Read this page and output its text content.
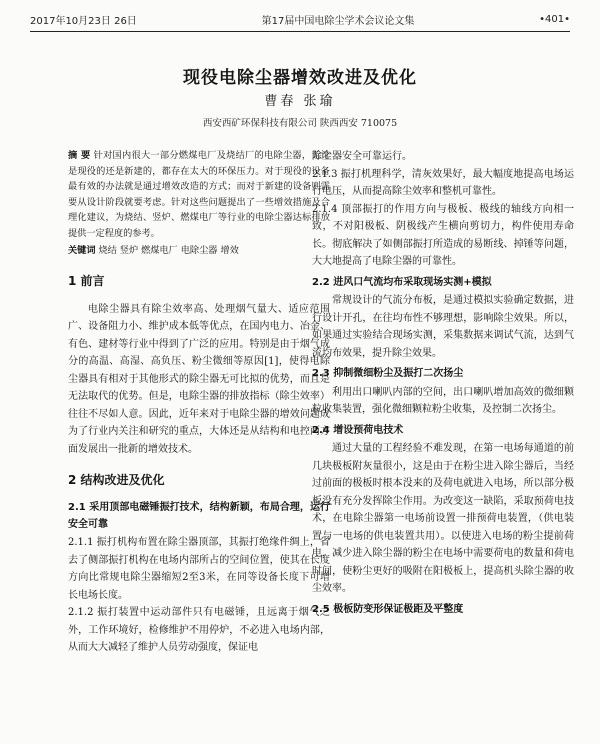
2017年10月23日 26日	第17届中国电除尘学术会议论文集	•401•
现役电除尘器增效改进及优化
曹春 张瑜
西安西矿环保科技有限公司 陕西西安 710075

摘 要 针对国内很大一部分燃煤电厂及烧结厂的电除尘器，无论是现役的还是新建的，都存在太大的环保压力。对于现役的设备最有效的办法就是通过增效改造的方式；而对于新建的设备则需要从设计阶段就要考虑。针对这些问题提出了一些增效措施及合理化建议，为烧结、竖炉、燃煤电厂等行业的电除尘器达标排放提供一定程度的参考。

关键词 烧结 竖炉 燃煤电厂 电除尘器 增效

1 前言

电除尘器具有除尘效率高、处理烟气量大、适应范围广、设备阻力小、维护成本低等优点，在国内电力、冶金、有色、建材等行业中得到了广泛的应用。特别是由于烟气成分的高温、高湿、高负压、粉尘微细等原因[1]，使得电除尘器具有相对于其他形式的除尘器无可比拟的优势，而且是无法取代的优势。但是，电除尘器的排放指标（除尘效率）往往不尽如人意。因此，近年来对于电除尘器的增效问题成为了行业内关注和研究的重点，大体还是从结构和电控两方面发展出一批新的增效技术。

2 结构改进及优化
2.1 采用顶部电磁锤振打技术，结构新颖，布局合理，运行安全可靠

2.1.1 振打机构布置在除尘器顶部，其振打绝缘件绸上，省去了侧部振打机构在电场内部所占的空间位置，使其在长度方向比常规电除尘器缩短2至3米，在同等设备长度下可增长电场长度。

2.1.2 振打装置中运动部件只有电磁锤，且远离于烟气之外，工作环境好，检修维护不用停炉，不必进入电场内部，从而大大减轻了维护人员劳动强度，保证电

除尘器安全可靠运行。

2.1.3 振打机理科学，清灰效果好，最大幅度地提高电场运行电压，从而提高除尘效率和整机可靠性。

2.1.4 顶部振打的作用方向与极板、极线的轴线方向相一致，不对阳极板、阴极线产生横向剪切力，构件使用寿命长。彻底解决了如侧部振打所造成的易断线、掉锤等问题，大大地提高了电除尘器的可靠性。

2.2 进风口气流均布采取现场实测+模拟

常规设计的气流分布板，是通过模拟实验确定数据，进行设计开孔，在往均布性不够理想，影响除尘效果。所以，如果通过实验结合现场实测，采集数据来调试气流，达到气流均布效果，提升除尘效果。

2.3 抑制微细粉尘及振打二次扬尘

利用出口喇叭内部的空间，出口喇叭增加高效的微细颗粒收集装置，强化微细颗粒粉尘收集，及控制二次扬尘。

2.4 增设预荷电技术

通过大量的工程经验不难发现，在第一电场每通道的前几块极板附灰量很小，这是由于在粉尘进入除尘器后，当经过前面的极板时根本没来的及荷电就进入电场，所以部分极板没有充分发挥除尘作用。为改变这一缺陷，采取预荷电技术，在电除尘器第一电场前设置一排预荷电装置，（供电装置与一电场的供电装置共用）。以使进入电场的粉尘提前荷电，减少进入除尘器的粉尘在电场中需要荷电的数量和荷电时间，使粉尘更好的吸附在阳极板上，提高机头除尘器的收尘效率。

2.5 极板防变形保证极距及平整度
